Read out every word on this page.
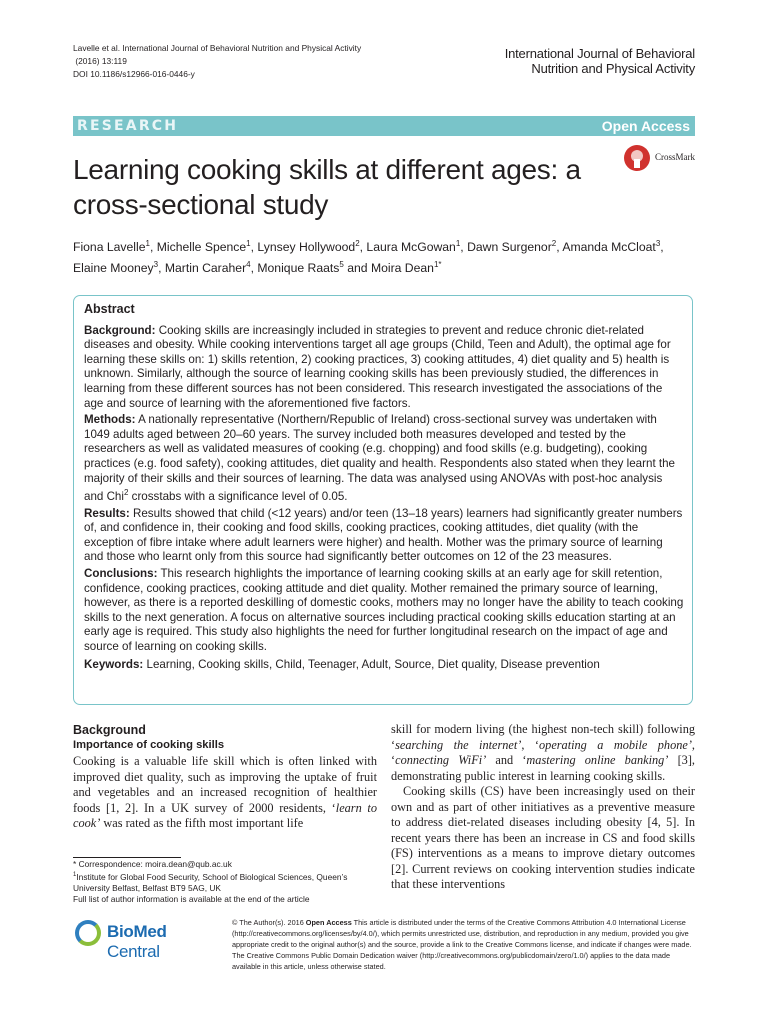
Lavelle et al. International Journal of Behavioral Nutrition and Physical Activity
(2016) 13:119
DOI 10.1186/s12966-016-0446-y
International Journal of Behavioral
Nutrition and Physical Activity
RESEARCH	Open Access
Learning cooking skills at different ages: a cross-sectional study
CrossMark
Fiona Lavelle$^1$, Michelle Spence$^1$, Lynsey Hollywood$^2$, Laura McGowan$^1$, Dawn Surgenor$^2$, Amanda McCloat$^3$, Elaine Mooney$^3$, Martin Caraher$^4$, Monique Raats$^5$ and Moira Dean$^{1*}$
Abstract

Background: Cooking skills are increasingly included in strategies to prevent and reduce chronic diet-related diseases and obesity. While cooking interventions target all age groups (Child, Teen and Adult), the optimal age for learning these skills on: 1) skills retention, 2) cooking practices, 3) cooking attitudes, 4) diet quality and 5) health is unknown. Similarly, although the source of learning cooking skills has been previously studied, the differences in learning from these different sources has not been considered. This research investigated the associations of the age and source of learning with the aforementioned five factors.

Methods: A nationally representative (Northern/Republic of Ireland) cross-sectional survey was undertaken with 1049 adults aged between 20–60 years. The survey included both measures developed and tested by the researchers as well as validated measures of cooking (e.g. chopping) and food skills (e.g. budgeting), cooking practices (e.g. food safety), cooking attitudes, diet quality and health. Respondents also stated when they learnt the majority of their skills and their sources of learning. The data was analysed using ANOVAs with post-hoc analysis and Chi$^2$ crosstabs with a significance level of 0.05.

Results: Results showed that child (<12 years) and/or teen (13–18 years) learners had significantly greater numbers of, and confidence in, their cooking and food skills, cooking practices, cooking attitudes, diet quality (with the exception of fibre intake where adult learners were higher) and health. Mother was the primary source of learning and those who learnt only from this source had significantly better outcomes on 12 of the 23 measures.

Conclusions: This research highlights the importance of learning cooking skills at an early age for skill retention, confidence, cooking practices, cooking attitude and diet quality. Mother remained the primary source of learning, however, as there is a reported deskilling of domestic cooks, mothers may no longer have the ability to teach cooking skills to the next generation. A focus on alternative sources including practical cooking skills education starting at an early age is required. This study also highlights the need for further longitudinal research on the impact of age and source of learning on cooking skills.

Keywords: Learning, Cooking skills, Child, Teenager, Adult, Source, Diet quality, Disease prevention

Background
Importance of cooking skills

Cooking is a valuable life skill which is often linked with improved diet quality, such as improving the uptake of fruit and vegetables and an increased recognition of healthier foods [1, 2]. In a UK survey of 2000 residents, ‘learn to cook’ was rated as the fifth most important life

skill for modern living (the highest non-tech skill) following ‘searching the internet’, ‘operating a mobile phone’, ‘connecting WiFi’ and ‘mastering online banking’ [3], demonstrating public interest in learning cooking skills.

Cooking skills (CS) have been increasingly used on their own and as part of other initiatives as a preventive measure to address diet-related diseases including obesity [4, 5]. In recent years there has been an increase in CS and food skills (FS) interventions as a means to improve dietary outcomes [2]. Current reviews on cooking intervention studies indicate that these interventions

* Correspondence: moira.dean@qub.ac.uk
$^1$Institute for Global Food Security, School of Biological Sciences, Queen’s University Belfast, Belfast BT9 5AG, UK
Full list of author information is available at the end of the article
BioMed Central
© The Author(s). 2016 Open Access This article is distributed under the terms of the Creative Commons Attribution 4.0 International License (http://creativecommons.org/licenses/by/4.0/), which permits unrestricted use, distribution, and reproduction in any medium, provided you give appropriate credit to the original author(s) and the source, provide a link to the Creative Commons license, and indicate if changes were made. The Creative Commons Public Domain Dedication waiver (http://creativecommons.org/publicdomain/zero/1.0/) applies to the data made available in this article, unless otherwise stated.
